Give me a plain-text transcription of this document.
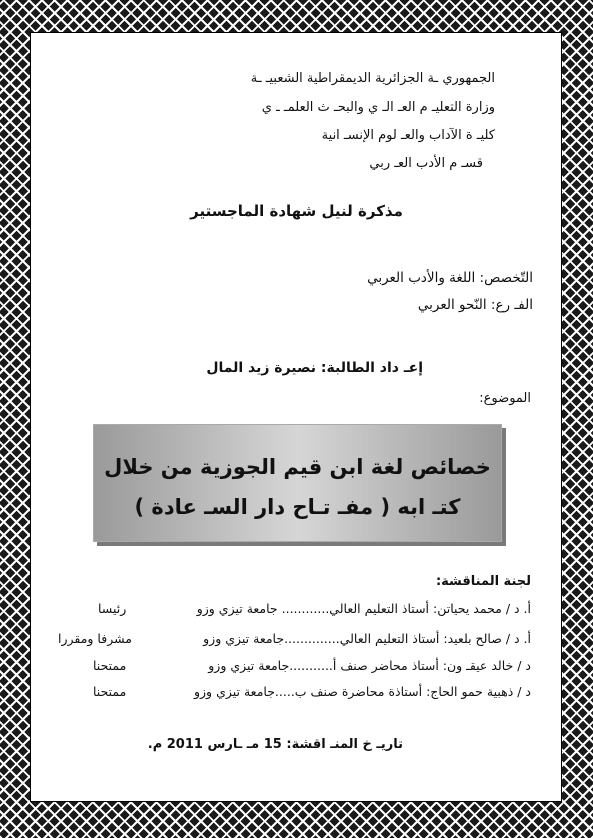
الجمهوري ـة الجزائرية الديمقراطية الشعبيـ ـة
وزارة التعليـ م العـ الـ ي والبحـ ث العلمـ ـ ي
كليـ ة الآداب والعـ لوم الإنسـ انية
قسـ م الأدب العـ ربي
مذكرة لنيل شهادة الماجستير
التّخصص: اللغة والأدب العربي
الفـ رع: النّحو العربي
إعـ داد الطالبة: نصيرة زيد المال
الموضوع:
خصائص لغة ابن قيم الجوزية من خلال
كتـ ابه ( مفـ تـاح دار السـ عادة )
لجنة المناقشة:
أ. د / محمد يحياتن: أستاذ التعليم العالي............ جامعة تيزي وزو
رئيسا
أ. د / صالح بلعيد: أستاذ التعليم العالي..............جامعة تيزي وزو
مشرفا ومقررا
د / خالد عيقـ ون: أستاذ محاضر صنف أ...........جامعة تيزي وزو
ممتحنا
د / ذهبية حمو الحاج: أستاذة محاضرة صنف ب.....جامعة تيزي وزو
ممتحنا
تاريـ خ المنـ اقشة: 15 مـ ـارس 2011 م.
